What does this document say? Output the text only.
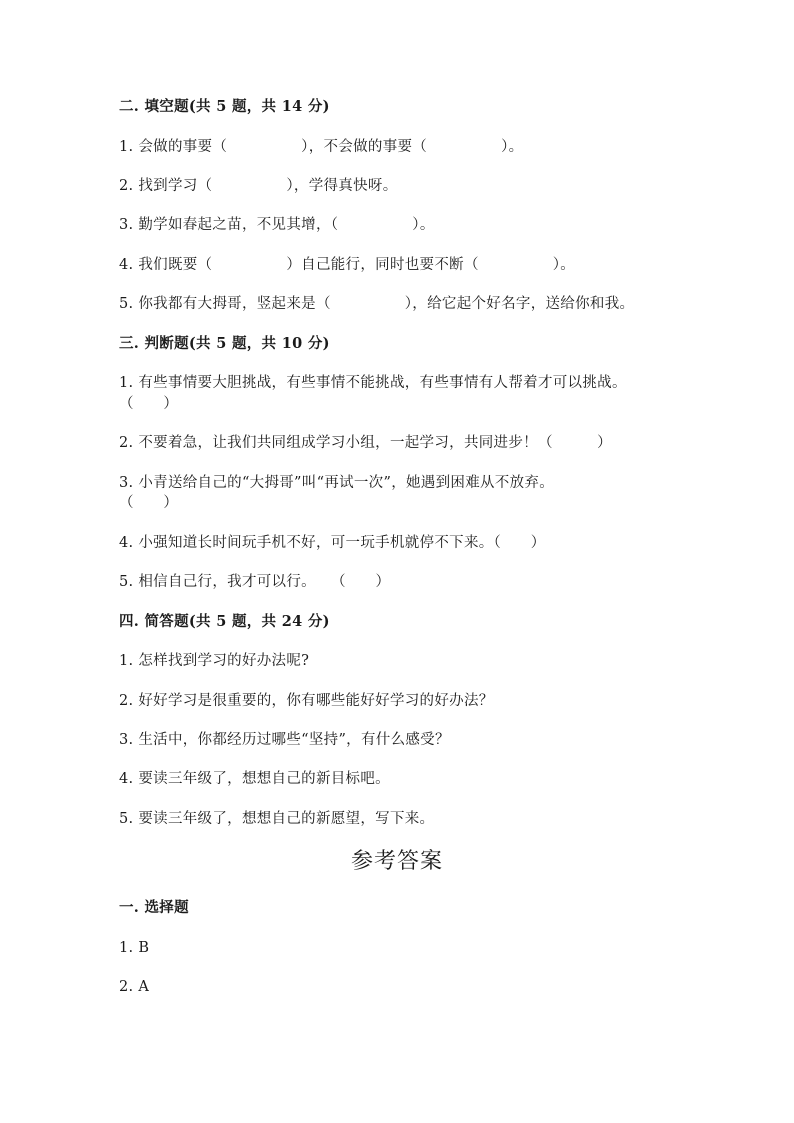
二. 填空题(共 5 题，共 14 分)
1. 会做的事要（　　　　　），不会做的事要（　　　　　）。
2. 找到学习（　　　　　），学得真快呀。
3. 勤学如春起之苗，不见其增，（　　　　　）。
4. 我们既要（　　　　　）自己能行，同时也要不断（　　　　　）。
5. 你我都有大拇哥，竖起来是（　　　　　），给它起个好名字，送给你和我。
三. 判断题(共 5 题，共 10 分)
1. 有些事情要大胆挑战，有些事情不能挑战，有些事情有人帮着才可以挑战。
（　　）
2. 不要着急，让我们共同组成学习小组，一起学习，共同进步！（　　　）
3. 小青送给自己的“大拇哥”叫“再试一次”，她遇到困难从不放弃。
（　　）
4. 小强知道长时间玩手机不好，可一玩手机就停不下来。（　　）
5. 相信自己行，我才可以行。　　（　　）
四. 简答题(共 5 题，共 24 分)
1. 怎样找到学习的好办法呢?
2. 好好学习是很重要的，你有哪些能好好学习的好办法？
3. 生活中，你都经历过哪些“坚持”，有什么感受？
4. 要读三年级了，想想自己的新目标吧。
5. 要读三年级了，想想自己的新愿望，写下来。
参考答案
一. 选择题
1. B
2. A
